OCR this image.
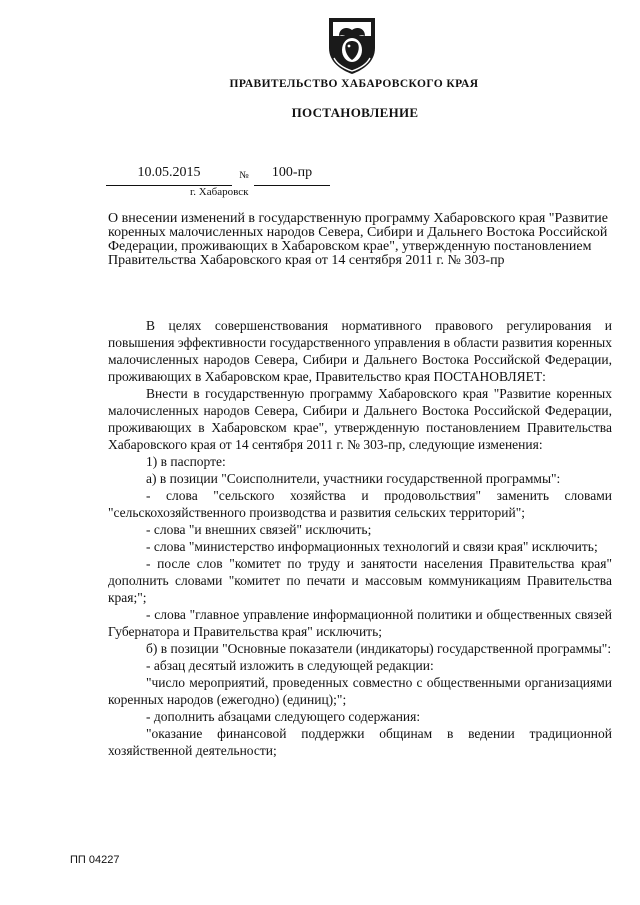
ПРАВИТЕЛЬСТВО ХАБАРОВСКОГО КРАЯ
ПОСТАНОВЛЕНИЕ
10.05.2015	№	100-пр
г. Хабаровск
О внесении изменений в государственную программу Хабаровского края "Развитие коренных малочисленных народов Севера, Сибири и Дальнего Востока Российской Федерации, проживающих в Хабаровском крае", утвержденную постановлением Правительства Хабаровского края от 14 сентября 2011 г. № 303-пр

В целях совершенствования нормативного правового регулирования и повышения эффективности государственного управления в области развития коренных малочисленных народов Севера, Сибири и Дальнего Востока Российской Федерации, проживающих в Хабаровском крае, Правительство края ПОСТАНОВЛЯЕТ:

Внести в государственную программу Хабаровского края "Развитие коренных малочисленных народов Севера, Сибири и Дальнего Востока Российской Федерации, проживающих в Хабаровском крае", утвержденную постановлением Правительства Хабаровского края от 14 сентября 2011 г. № 303-пр, следующие изменения:

1) в паспорте:

а) в позиции "Соисполнители, участники государственной программы":

- слова "сельского хозяйства и продовольствия" заменить словами "сельскохозяйственного производства и развития сельских территорий";

- слова "и внешних связей" исключить;

- слова "министерство информационных технологий и связи края" исключить;

- после слов "комитет по труду и занятости населения Правительства края" дополнить словами "комитет по печати и массовым коммуникациям Правительства края;";

- слова "главное управление информационной политики и общественных связей Губернатора и Правительства края" исключить;

б) в позиции "Основные показатели (индикаторы) государственной программы":

- абзац десятый изложить в следующей редакции:

"число мероприятий, проведенных совместно с общественными организациями коренных народов (ежегодно) (единиц);";

- дополнить абзацами следующего содержания:

"оказание финансовой поддержки общинам в ведении традиционной хозяйственной деятельности;

ПП 04227
